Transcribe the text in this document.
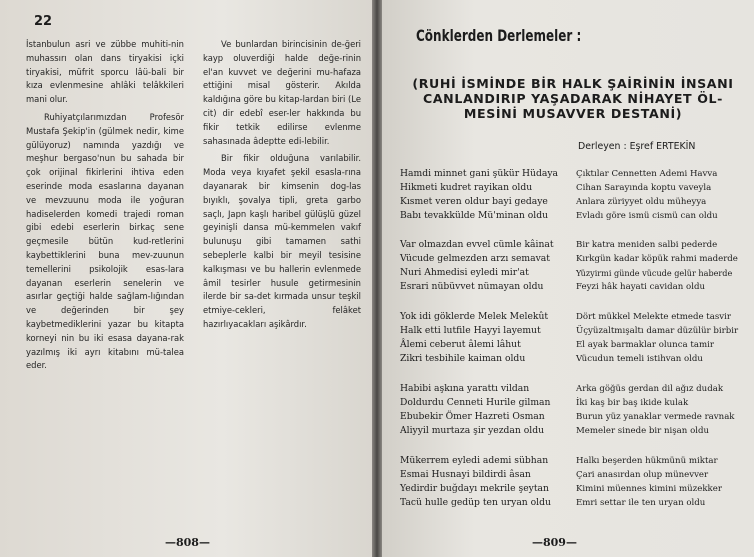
22

İstanbulun asri ve zübbe muhiti-nin muhassırı olan dans tiryakisi içki tiryakisi, müfrit sporcu lâü-bali bir kıza evlenmesine ahlâki telâkkileri mani olur.

Ruhiyatçılarımızdan Profesör Mustafa Şekip'in (gülmek nedir, kime gülüyoruz) namında yazdığı ve meşhur bergaso'nun bu sahada bir çok orijinal fikirlerini ihtiva eden eserinde moda esaslarına dayanan ve mevzuunu moda ile yoğuran hadiselerden komedi trajedi roman gibi edebi eserlerin birkaç sene geçmesile bütün kud-retlerini kaybettiklerini buna mev-zuunun temellerini psikolojik esas-lara dayanan eserlerin senelerin ve asırlar geçtiği halde sağlam-lığından ve değerinden bir şey kaybetmediklerini yazar bu kitapta korneyi nin bu iki esasa dayana-rak yazılmış iki ayrı kitabını mü-talea eder.

Ve bunlardan birincisinin de-ğeri kayp oluverdiği halde değe-rinin el'an kuvvet ve değerini mu-hafaza ettiğini misal gösterir. Akılda kaldığına göre bu kitap-lardan biri (Le cit) dir edebî eser-ler hakkında bu fikir tetkik edilirse evlenme sahasınada âdeptte edi-lebilir.

Bir fikir olduğuna varılabilir. Moda veya kıyafet şekil esasla-rına dayanarak bir kimsenin dog-las bıyıklı, şovalya tipli, greta garbo saçlı, Japn kaşlı haribel gülüşlü güzel geyinişli dansa mü-kemmelen vakıf bulunuşu gibi tamamen sathi sebeplerle kalbi bir meyil tesisine kalkışması ve bu hallerin evlenmede âmil tesirler husule getirmesinin ilerde bir sa-det kırmada unsur teşkil etmiye-cekleri, felâket hazırlıyacakları aşikârdır.

—808—
Cönklerden Derlemeler :
(RUHİ İSMİNDE BİR HALK ŞAİRİNİN İNSANI CANLANDIRIP YAŞADARAK NİHAYET ÖL-MESİNİ MUSAVVER DESTANİ)
Derleyen : Eşref ERTEKİN
Hamdi minnet gani şükür Hüdaya
Hikmeti kudret rayikan oldu
Kısmet veren oldur bayi gedaye
Babı tevakkülde Mü'minan oldu
Var olmazdan evvel cümle kâinat
Vücude gelmezden arzı semavat
Nuri Ahmedisi eyledi mir'at
Esrari nübüvvet nümayan oldu
Yok idi göklerde Melek Melekût
Halk etti lutfile Hayyi layemut
Âlemi ceberut âlemi lâhut
Zikri tesbihile kaiman oldu
Habibi aşkına yarattı vildan
Doldurdu Cenneti Hurile gilman
Ebubekir Ömer Hazreti Osman
Aliyyil murtaza şir yezdan oldu
Mükerrem eyledi ademi sübhan
Esmai Husnayi bildirdi âsan
Yedirdir buğdayı mekrile şeytan
Tacü hulle gedüp ten uryan oldu
Çıktılar Cennetten Ademi Havva
Cihan Sarayında koptu vaveyla
Anlara züriyyet oldu müheyya
Evladı göre ismü cismü can oldu
Bir katra meniden salbi pederde
Kırkgün kadar köpük rahmi maderde
Yüzyirmi günde vücude gelür haberde
Feyzi hâk hayati cavidan oldu
Dört mükkel Melekte etmede tasvir
Üçyüzaltmışaltı damar düzülür birbir
El ayak barmaklar olunca tamir
Vücudun temeli istihvan oldu
Arka göğüs gerdan dil ağız dudak
İki kaş bir baş ikide kulak
Burun yüz yanaklar vermede ravnak
Memeler sinede bir nişan oldu
Halkı beşerden hükmünü miktar
Çari anasırdan olup münevver
Kimini müennes kimini müzekker
Emri settar ile ten uryan oldu
—809—
